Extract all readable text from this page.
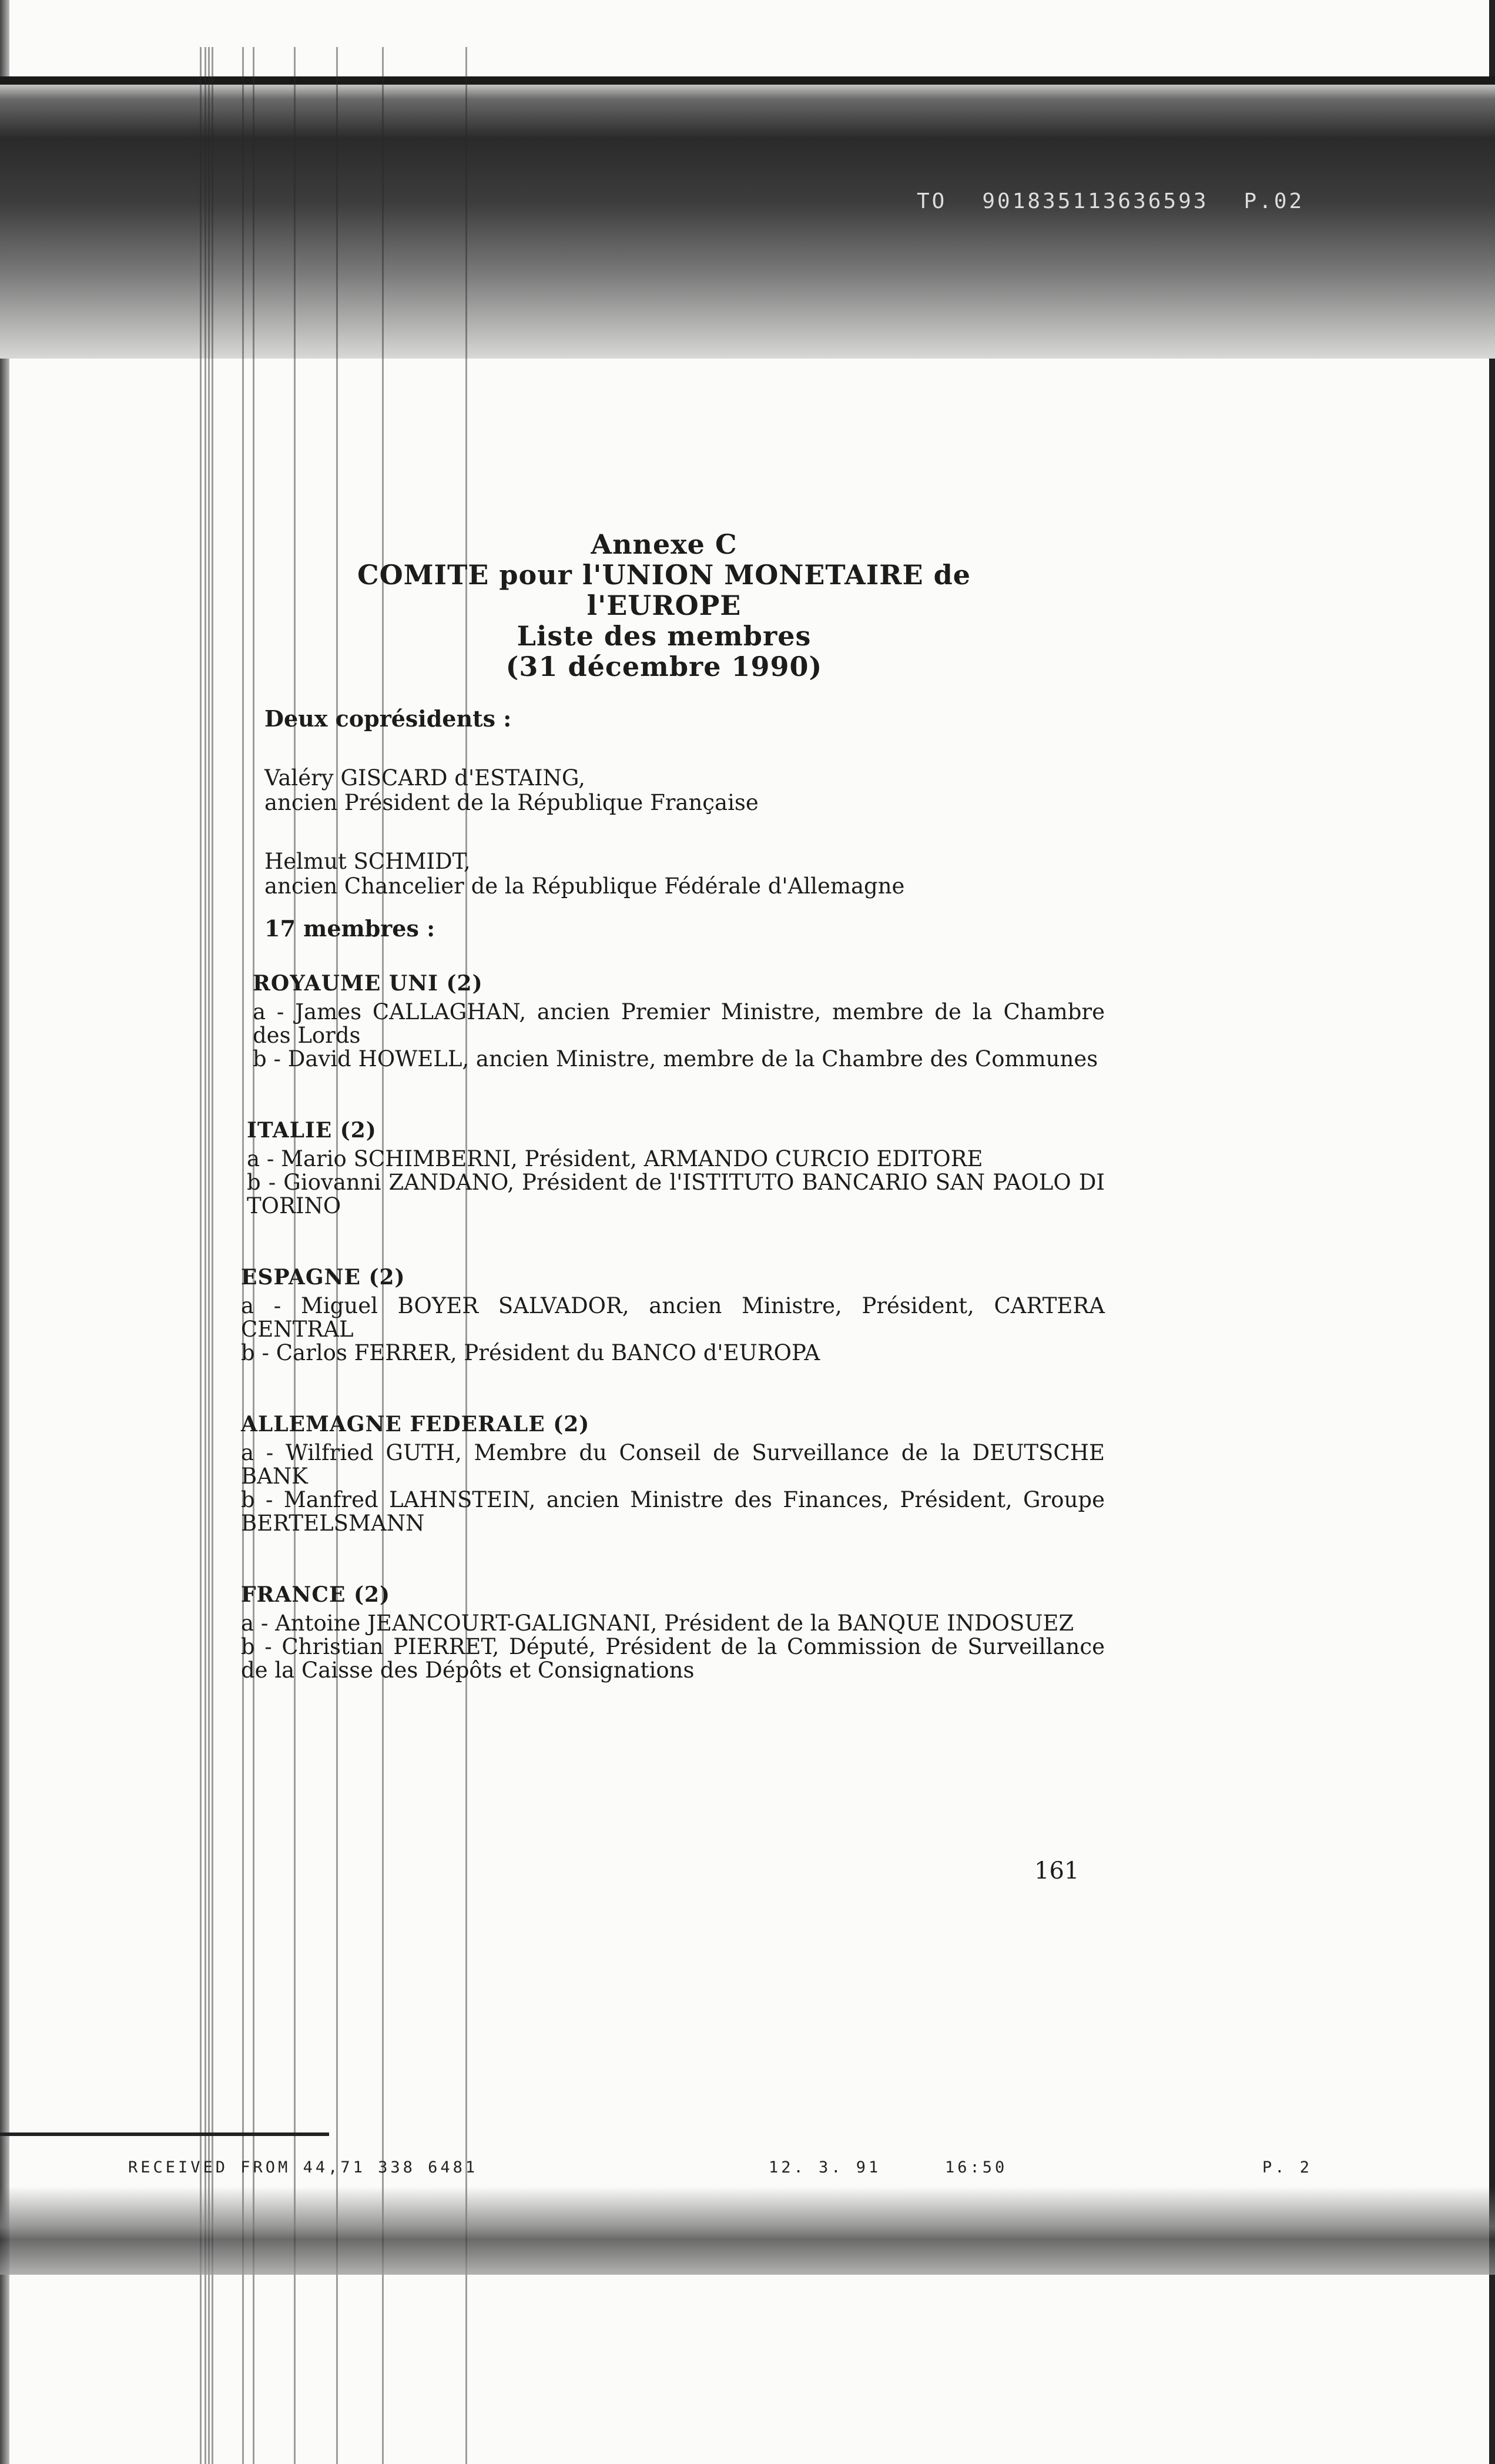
TO 901835113636593 P.02
Annexe C
COMITE pour l'UNION MONETAIRE de l'EUROPE
Liste des membres
(31 décembre 1990)

Deux coprésidents :

Valéry GISCARD d'ESTAING,
ancien Président de la République Française
Helmut SCHMIDT,
ancien Chancelier de la République Fédérale d'Allemagne

17 membres :

ROYAUME UNI (2)
a - James CALLAGHAN, ancien Premier Ministre, membre de la Chambre des Lords
b - David HOWELL, ancien Ministre, membre de la Chambre des Communes
ITALIE (2)
a - Mario SCHIMBERNI, Président, ARMANDO CURCIO EDITORE
b - Giovanni ZANDANO, Président de l'ISTITUTO BANCARIO SAN PAOLO DI TORINO
ESPAGNE (2)
a - Miguel BOYER SALVADOR, ancien Ministre, Président, CARTERA CENTRAL
b - Carlos FERRER, Président du BANCO d'EUROPA
ALLEMAGNE FEDERALE (2)
a - Wilfried GUTH, Membre du Conseil de Surveillance de la DEUTSCHE BANK
b - Manfred LAHNSTEIN, ancien Ministre des Finances, Président, Groupe BERTELSMANN
FRANCE (2)
a - Antoine JEANCOURT-GALIGNANI, Président de la BANQUE INDOSUEZ
b - Christian PIERRET, Député, Président de la Commission de Surveillance de la Caisse des Dépôts et Consignations
161
RECEIVED FROM 44,71 338 6481	12. 3. 91	16:50	P. 2
